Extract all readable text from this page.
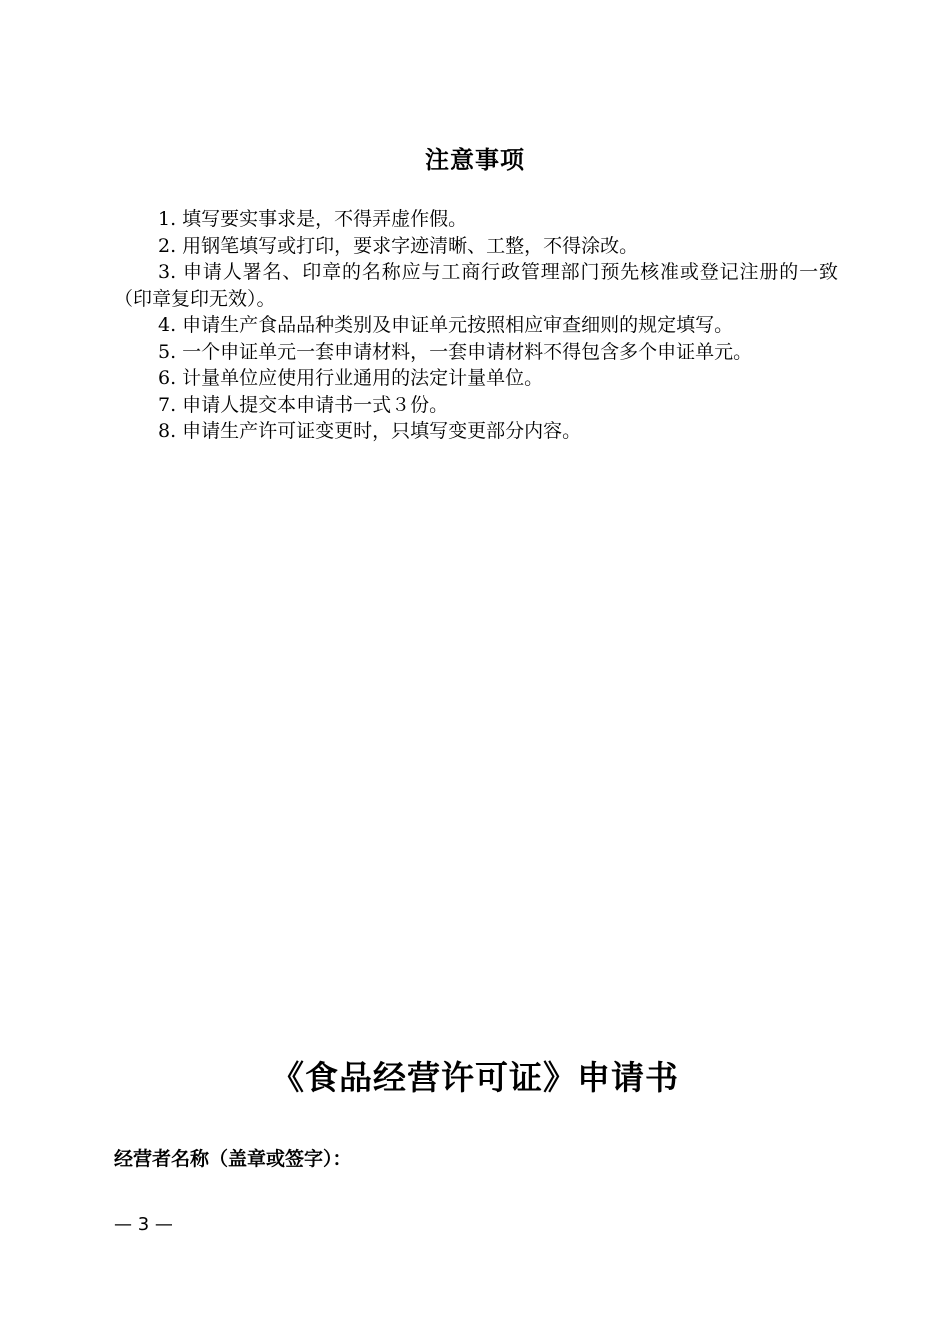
注意事项
1. 填写要实事求是，不得弄虚作假。
2. 用钢笔填写或打印，要求字迹清晰、工整，不得涂改。
3. 申请人署名、印章的名称应与工商行政管理部门预先核准或登记注册的一致（印章复印无效）。
4. 申请生产食品品种类别及申证单元按照相应审查细则的规定填写。
5. 一个申证单元一套申请材料，一套申请材料不得包含多个申证单元。
6. 计量单位应使用行业通用的法定计量单位。
7. 申请人提交本申请书一式３份。
8. 申请生产许可证变更时，只填写变更部分内容。
《食品经营许可证》申请书
经营者名称（盖章或签字）：
— 3 —
